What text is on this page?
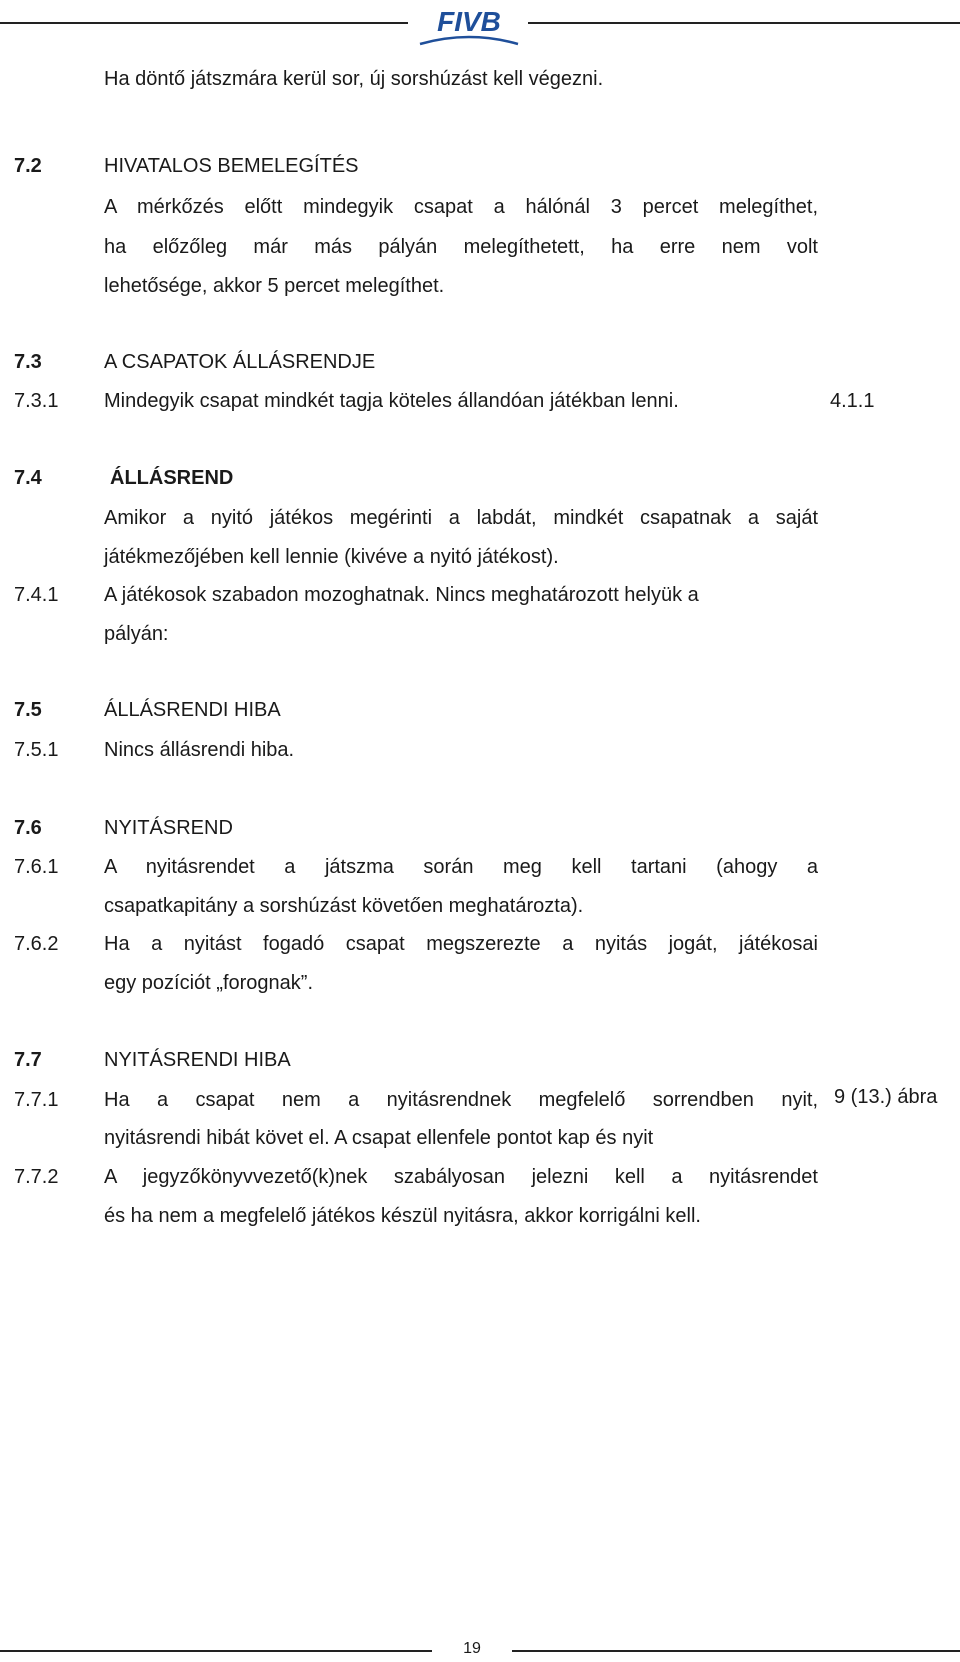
FIVB
Ha döntő játszmára kerül sor, új sorshúzást kell végezni.
7.2	HIVATALOS BEMELEGÍTÉS
A mérkőzés előtt mindegyik csapat a hálónál 3 percet melegíthet,
ha előzőleg már más pályán melegíthetett, ha erre nem volt
lehetősége, akkor 5 percet melegíthet.
7.3	A CSAPATOK ÁLLÁSRENDJE
7.3.1 Mindegyik csapat mindkét tagja köteles állandóan játékban lenni.	4.1.1
7.4	ÁLLÁSREND
Amikor a nyitó játékos megérinti a labdát, mindkét csapatnak a saját
játékmezőjében kell lennie (kivéve a nyitó játékost).
7.4.1 A játékosok szabadon mozoghatnak. Nincs meghatározott helyük a
pályán:
7.5	ÁLLÁSRENDI HIBA
7.5.1 Nincs állásrendi hiba.
7.6	NYITÁSREND
7.6.1 A nyitásrendet a játszma során meg kell tartani (ahogy a
csapatkapitány a sorshúzást követően meghatározta).
7.6.2 Ha a nyitást fogadó csapat megszerezte a nyitás jogát, játékosai
egy pozíciót „forognak”.
7.7	NYITÁSRENDI HIBA
7.7.1 Ha a csapat nem a nyitásrendnek megfelelő sorrendben nyit, 9 (13.) ábra
nyitásrendi hibát követ el. A csapat ellenfele pontot kap és nyit
7.7.2 A jegyzőkönyvvezető(k)nek szabályosan jelezni kell a nyitásrendet
és ha nem a megfelelő játékos készül nyitásra, akkor korrigálni kell.
19
